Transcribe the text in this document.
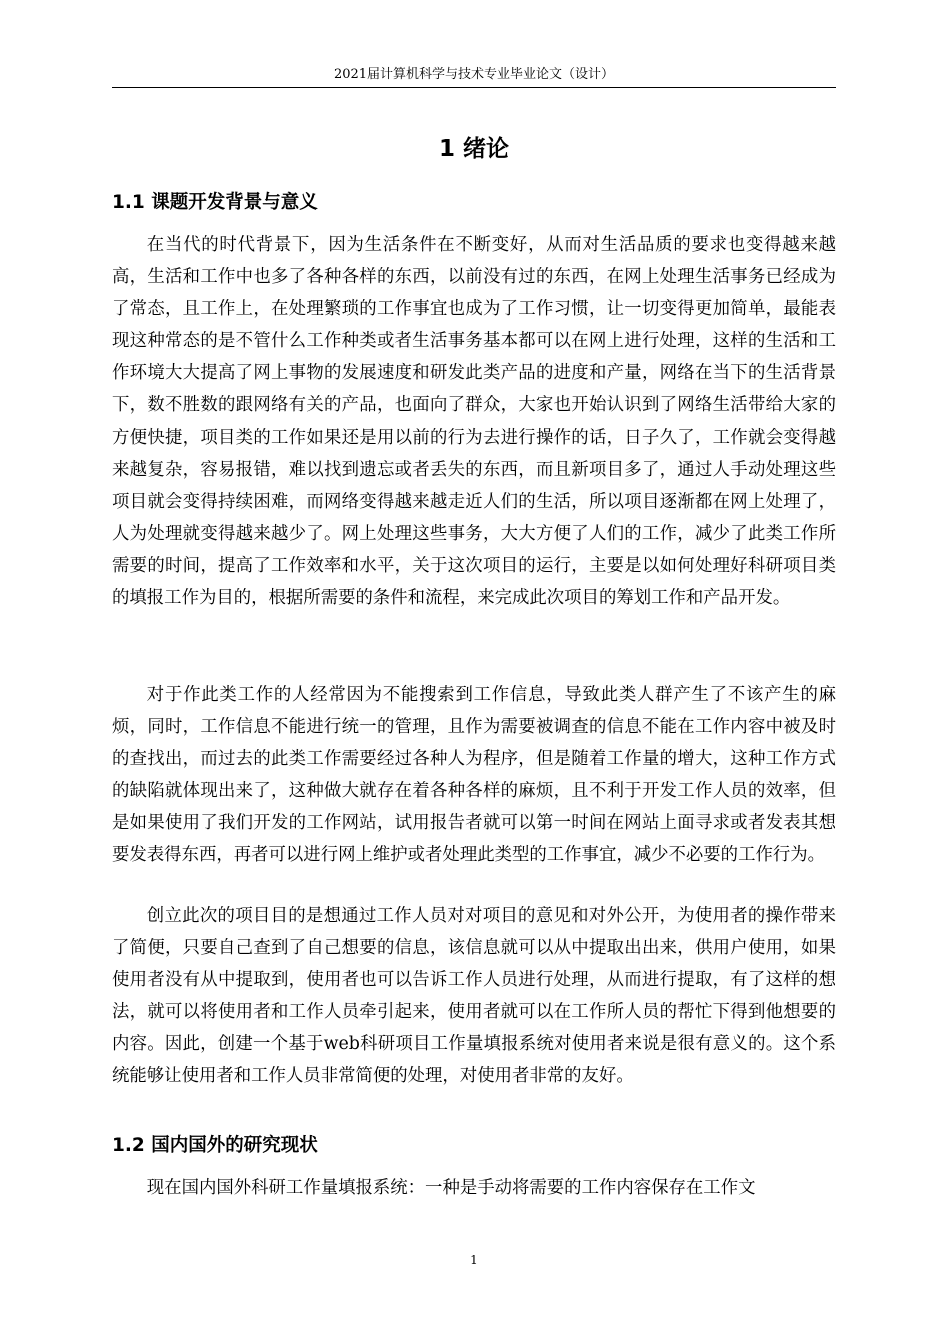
2021届计算机科学与技术专业毕业论文（设计）
1 绪论
1.1 课题开发背景与意义

在当代的时代背景下，因为生活条件在不断变好，从而对生活品质的要求也变得越来越高，生活和工作中也多了各种各样的东西，以前没有过的东西，在网上处理生活事务已经成为了常态，且工作上，在处理繁琐的工作事宜也成为了工作习惯，让一切变得更加简单，最能表现这种常态的是不管什么工作种类或者生活事务基本都可以在网上进行处理，这样的生活和工作环境大大提高了网上事物的发展速度和研发此类产品的进度和产量，网络在当下的生活背景下，数不胜数的跟网络有关的产品，也面向了群众，大家也开始认识到了网络生活带给大家的方便快捷，项目类的工作如果还是用以前的行为去进行操作的话，日子久了，工作就会变得越来越复杂，容易报错，难以找到遗忘或者丢失的东西，而且新项目多了，通过人手动处理这些项目就会变得持续困难，而网络变得越来越走近人们的生活，所以项目逐渐都在网上处理了，人为处理就变得越来越少了。网上处理这些事务，大大方便了人们的工作，减少了此类工作所需要的时间，提高了工作效率和水平，关于这次项目的运行，主要是以如何处理好科研项目类的填报工作为目的，根据所需要的条件和流程，来完成此次项目的筹划工作和产品开发。

对于作此类工作的人经常因为不能搜索到工作信息，导致此类人群产生了不该产生的麻烦，同时，工作信息不能进行统一的管理，且作为需要被调查的信息不能在工作内容中被及时的查找出，而过去的此类工作需要经过各种人为程序，但是随着工作量的增大，这种工作方式的缺陷就体现出来了，这种做大就存在着各种各样的麻烦，且不利于开发工作人员的效率，但是如果使用了我们开发的工作网站，试用报告者就可以第一时间在网站上面寻求或者发表其想要发表得东西，再者可以进行网上维护或者处理此类型的工作事宜，减少不必要的工作行为。

创立此次的项目目的是想通过工作人员对对项目的意见和对外公开，为使用者的操作带来了简便，只要自己查到了自己想要的信息，该信息就可以从中提取出出来，供用户使用，如果使用者没有从中提取到，使用者也可以告诉工作人员进行处理，从而进行提取，有了这样的想法，就可以将使用者和工作人员牵引起来，使用者就可以在工作所人员的帮忙下得到他想要的内容。因此，创建一个基于web科研项目工作量填报系统对使用者来说是很有意义的。这个系统能够让使用者和工作人员非常简便的处理，对使用者非常的友好。

1.2 国内国外的研究现状

现在国内国外科研工作量填报系统：一种是手动将需要的工作内容保存在工作文

1
